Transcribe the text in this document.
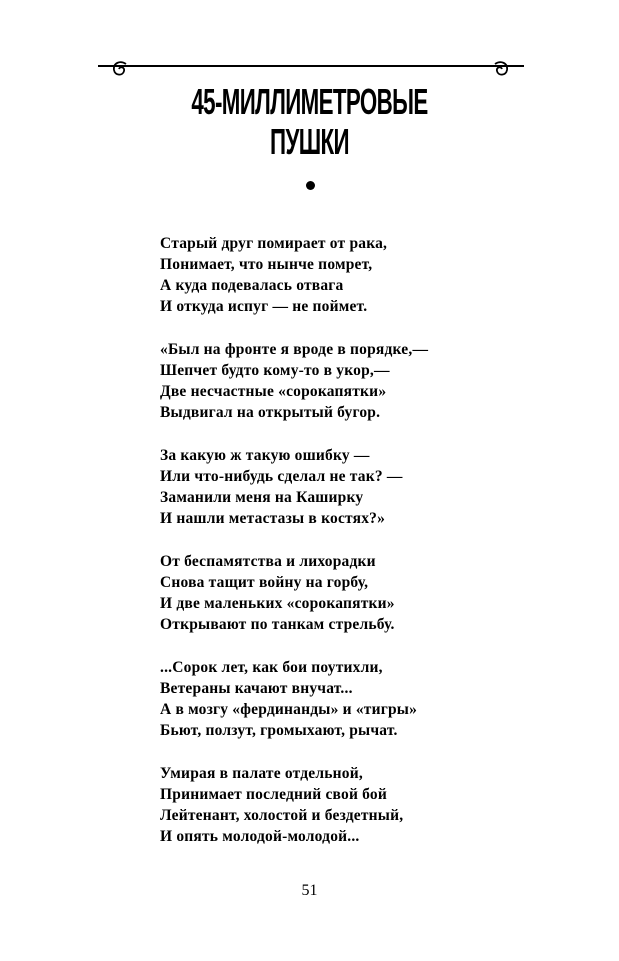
45-МИЛЛИМЕТРОВЫЕ
ПУШКИ
Старый друг помирает от рака,
Понимает, что нынче помрет,
А куда подевалась отвага
И откуда испуг — не поймет.
«Был на фронте я вроде в порядке,—
Шепчет будто кому-то в укор,—
Две несчастные «сорокапятки»
Выдвигал на открытый бугор.
За какую ж такую ошибку —
Или что-нибудь сделал не так? —
Заманили меня на Каширку
И нашли метастазы в костях?»
От беспамятства и лихорадки
Снова тащит войну на горбу,
И две маленьких «сорокапятки»
Открывают по танкам стрельбу.
...Сорок лет, как бои поутихли,
Ветераны качают внучат...
А в мозгу «фердинанды» и «тигры»
Бьют, ползут, громыхают, рычат.
Умирая в палате отдельной,
Принимает последний свой бой
Лейтенант, холостой и бездетный,
И опять молодой-молодой...
51
